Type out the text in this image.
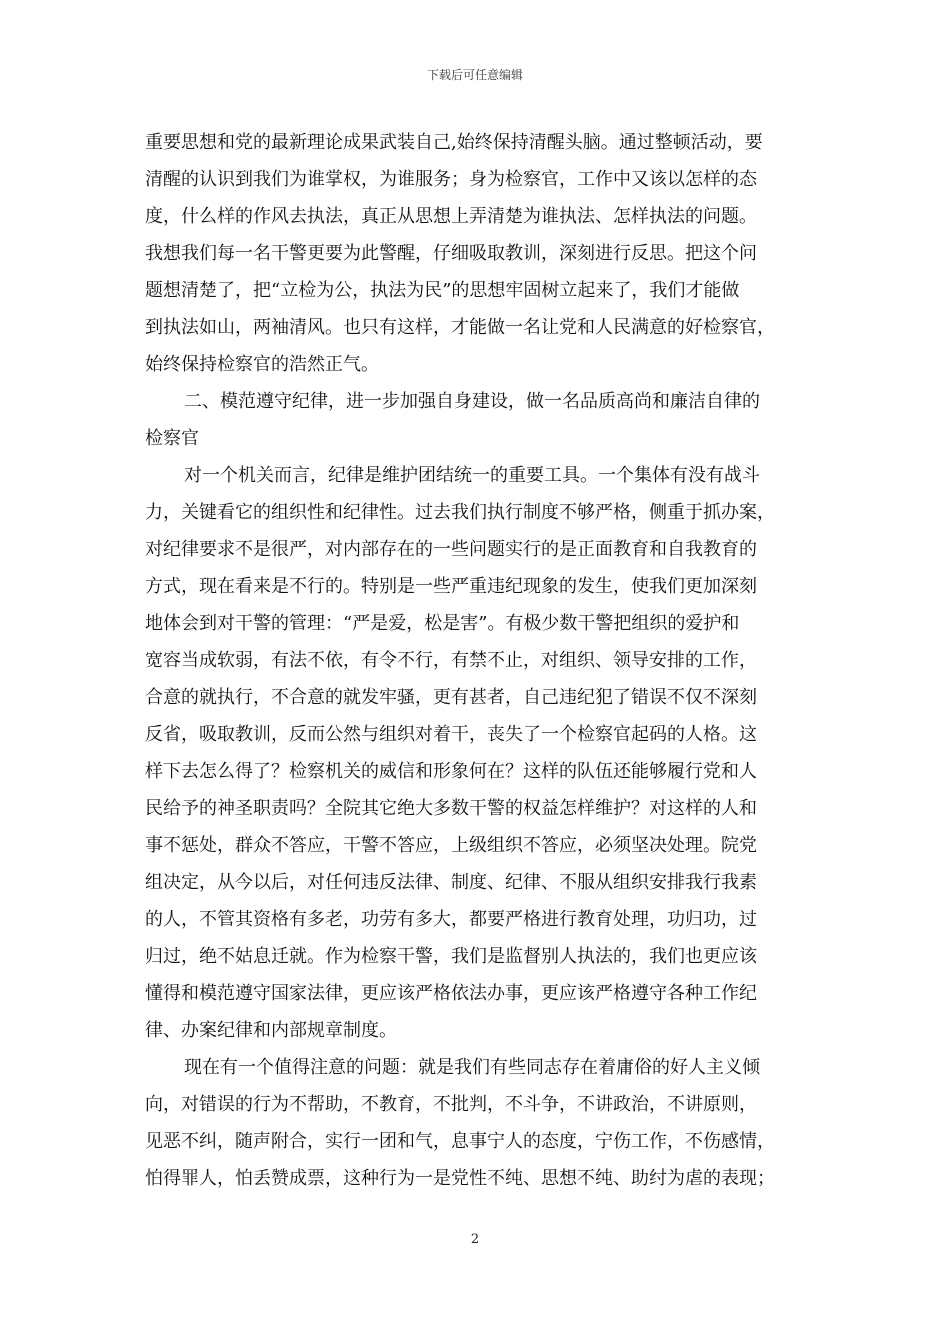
下载后可任意编辑
重要思想和党的最新理论成果武装自己,始终保持清醒头脑。通过整顿活动，要
清醒的认识到我们为谁掌权，为谁服务；身为检察官，工作中又该以怎样的态
度，什么样的作风去执法，真正从思想上弄清楚为谁执法、怎样执法的问题。
我想我们每一名干警更要为此警醒，仔细吸取教训，深刻进行反思。把这个问
题想清楚了，把“立检为公，执法为民”的思想牢固树立起来了，我们才能做
到执法如山，两袖清风。也只有这样，才能做一名让党和人民满意的好检察官，
始终保持检察官的浩然正气。
二、模范遵守纪律，进一步加强自身建设，做一名品质高尚和廉洁自律的
检察官
对一个机关而言，纪律是维护团结统一的重要工具。一个集体有没有战斗
力，关键看它的组织性和纪律性。过去我们执行制度不够严格，侧重于抓办案，
对纪律要求不是很严，对内部存在的一些问题实行的是正面教育和自我教育的
方式，现在看来是不行的。特别是一些严重违纪现象的发生，使我们更加深刻
地体会到对干警的管理：“严是爱，松是害”。有极少数干警把组织的爱护和
宽容当成软弱，有法不依，有令不行，有禁不止，对组织、领导安排的工作，
合意的就执行，不合意的就发牢骚，更有甚者，自己违纪犯了错误不仅不深刻
反省，吸取教训，反而公然与组织对着干，丧失了一个检察官起码的人格。这
样下去怎么得了？检察机关的威信和形象何在？这样的队伍还能够履行党和人
民给予的神圣职责吗？全院其它绝大多数干警的权益怎样维护？对这样的人和
事不惩处，群众不答应，干警不答应，上级组织不答应，必须坚决处理。院党
组决定，从今以后，对任何违反法律、制度、纪律、不服从组织安排我行我素
的人，不管其资格有多老，功劳有多大，都要严格进行教育处理，功归功，过
归过，绝不姑息迁就。作为检察干警，我们是监督别人执法的，我们也更应该
懂得和模范遵守国家法律，更应该严格依法办事，更应该严格遵守各种工作纪
律、办案纪律和内部规章制度。
现在有一个值得注意的问题：就是我们有些同志存在着庸俗的好人主义倾
向，对错误的行为不帮助，不教育，不批判，不斗争，不讲政治，不讲原则，
见恶不纠，随声附合，实行一团和气，息事宁人的态度，宁伤工作，不伤感情，
怕得罪人，怕丢赞成票，这种行为一是党性不纯、思想不纯、助纣为虐的表现；
2
